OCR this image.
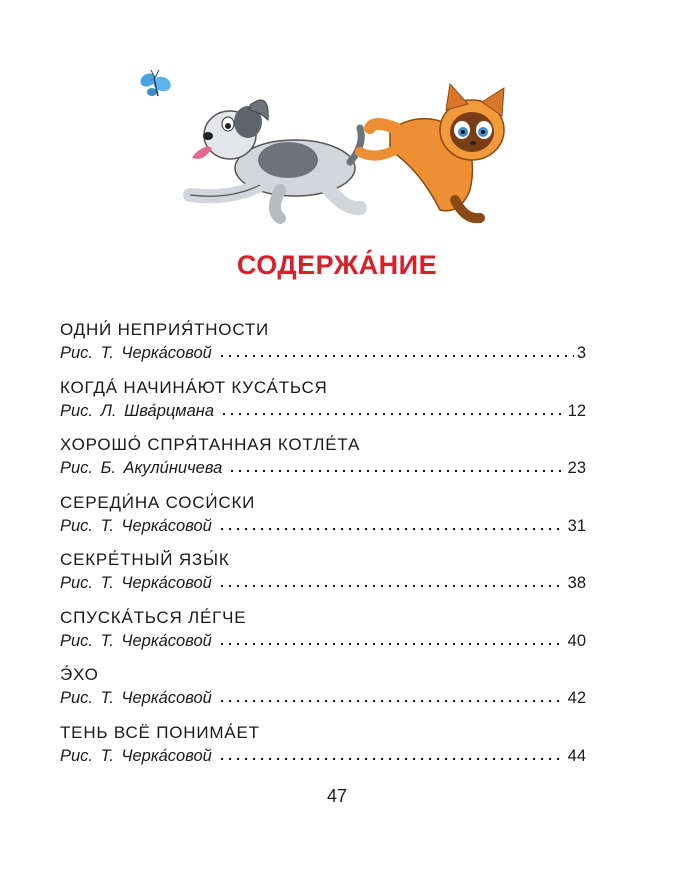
СОДЕРЖА́НИЕ
ОДНИ́ НЕПРИЯ́ТНОСТИ
Рис. Т. Черка́совой	3
КОГДА́ НАЧИНА́ЮТ КУСА́ТЬСЯ
Рис. Л. Шва́рцмана	12
ХОРОШО́ СПРЯ́ТАННАЯ КОТЛЕ́ТА
Рис. Б. Акули́ничева	23
СЕРЕДИ́НА СОСИ́СКИ
Рис. Т. Черка́совой	31
СЕКРЕ́ТНЫЙ ЯЗЫ́К
Рис. Т. Черка́совой	38
СПУСКА́ТЬСЯ ЛЕ́ГЧЕ
Рис. Т. Черка́совой	40
Э́ХО
Рис. Т. Черка́совой	42
ТЕНЬ ВСЁ ПОНИМА́ЕТ
Рис. Т. Черка́совой	44
47
